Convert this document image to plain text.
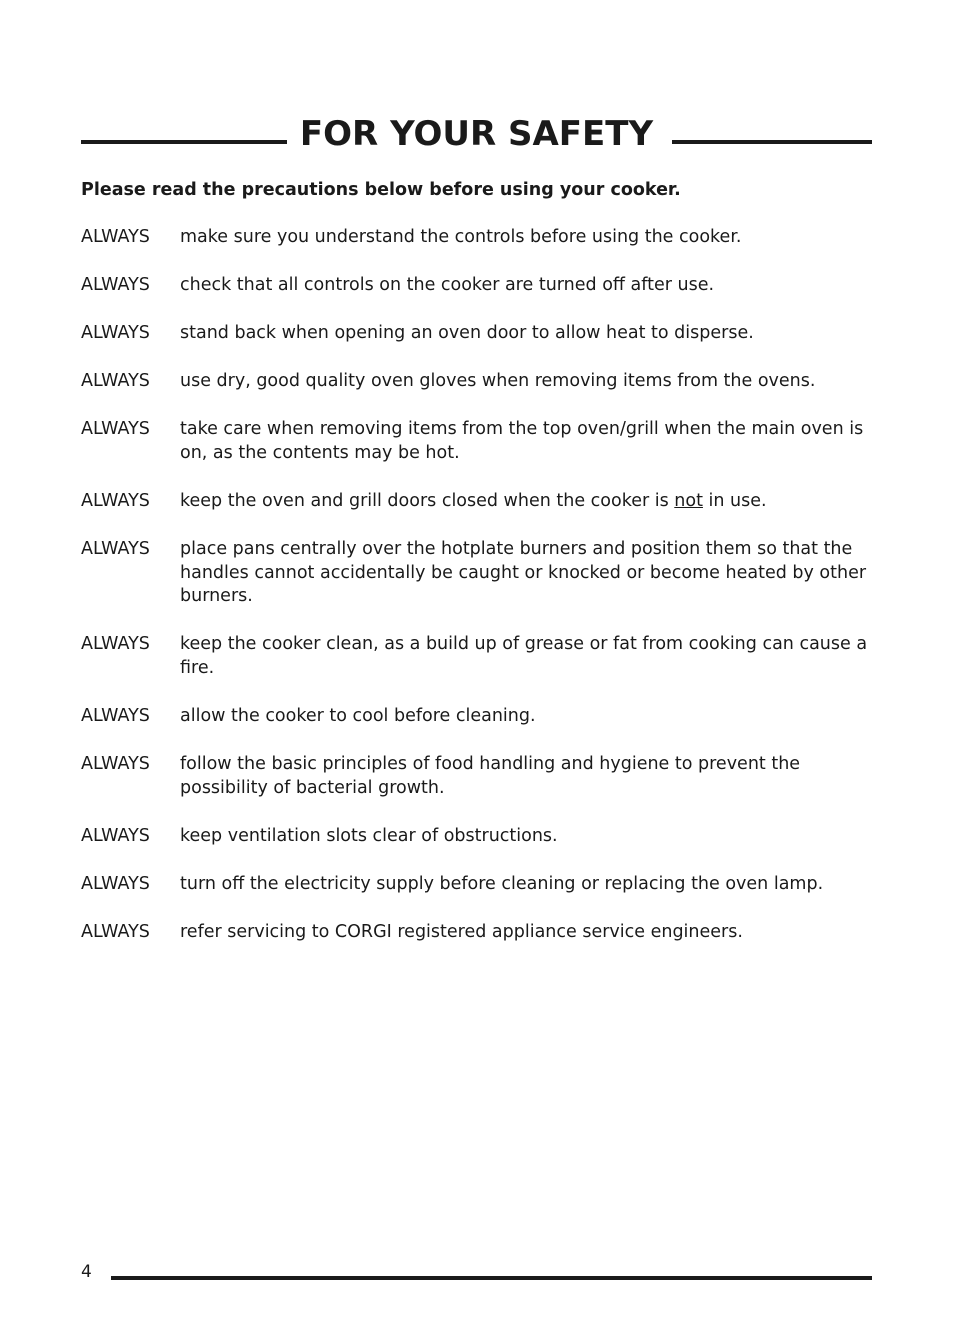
FOR YOUR SAFETY
Please read the precautions below before using your cooker.
ALWAYS make sure you understand the controls before using the cooker.
ALWAYS check that all controls on the cooker are turned off after use.
ALWAYS stand back when opening an oven door to allow heat to disperse.
ALWAYS use dry, good quality oven gloves when removing items from the ovens.
ALWAYS take care when removing items from the top oven/grill when the main oven is on, as the contents may be hot.
ALWAYS keep the oven and grill doors closed when the cooker is not in use.
ALWAYS place pans centrally over the hotplate burners and position them so that the handles cannot accidentally be caught or knocked or become heated by other burners.
ALWAYS keep the cooker clean, as a build up of grease or fat from cooking can cause a fire.
ALWAYS allow the cooker to cool before cleaning.
ALWAYS follow the basic principles of food handling and hygiene to prevent the possibility of bacterial growth.
ALWAYS keep ventilation slots clear of obstructions.
ALWAYS turn off the electricity supply before cleaning or replacing the oven lamp.
ALWAYS refer servicing to CORGI registered appliance service engineers.
4
